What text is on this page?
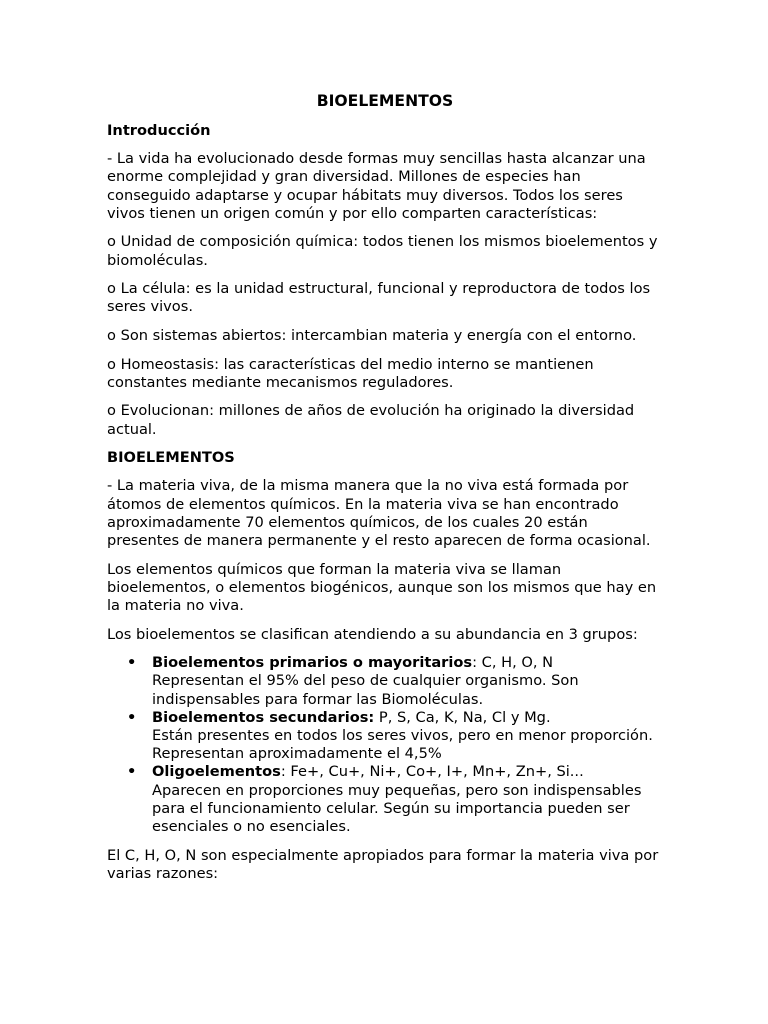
BIOELEMENTOS
Introducción

- La vida ha evolucionado desde formas muy sencillas hasta alcanzar una enorme complejidad y gran diversidad. Millones de especies han conseguido adaptarse y ocupar hábitats muy diversos. Todos los seres vivos tienen un origen común y por ello comparten características:

o Unidad de composición química: todos tienen los mismos bioelementos y biomoléculas.

o La célula: es la unidad estructural, funcional y reproductora de todos los seres vivos.

o Son sistemas abiertos: intercambian materia y energía con el entorno.

o Homeostasis: las características del medio interno se mantienen constantes mediante mecanismos reguladores.

o Evolucionan: millones de años de evolución ha originado la diversidad actual.

BIOELEMENTOS

- La materia viva, de la misma manera que la no viva está formada por átomos de elementos químicos. En la materia viva se han encontrado aproximadamente 70 elementos químicos, de los cuales 20 están presentes de manera permanente y el resto aparecen de forma ocasional.

Los elementos químicos que forman la materia viva se llaman bioelementos, o elementos biogénicos, aunque son los mismos que hay en la materia no viva.

Los bioelementos se clasifican atendiendo a su abundancia en 3 grupos:

• Bioelementos primarios o mayoritarios: C, H, O, N
Representan el 95% del peso de cualquier organismo. Son indispensables para formar las Biomoléculas.
• Bioelementos secundarios: P, S, Ca, K, Na, Cl y Mg.
Están presentes en todos los seres vivos, pero en menor proporción. Representan aproximadamente el 4,5%
• Oligoelementos: Fe+, Cu+, Ni+, Co+, I+, Mn+, Zn+, Si...
Aparecen en proporciones muy pequeñas, pero son indispensables para el funcionamiento celular. Según su importancia pueden ser esenciales o no esenciales.

El C, H, O, N son especialmente apropiados para formar la materia viva por varias razones:
